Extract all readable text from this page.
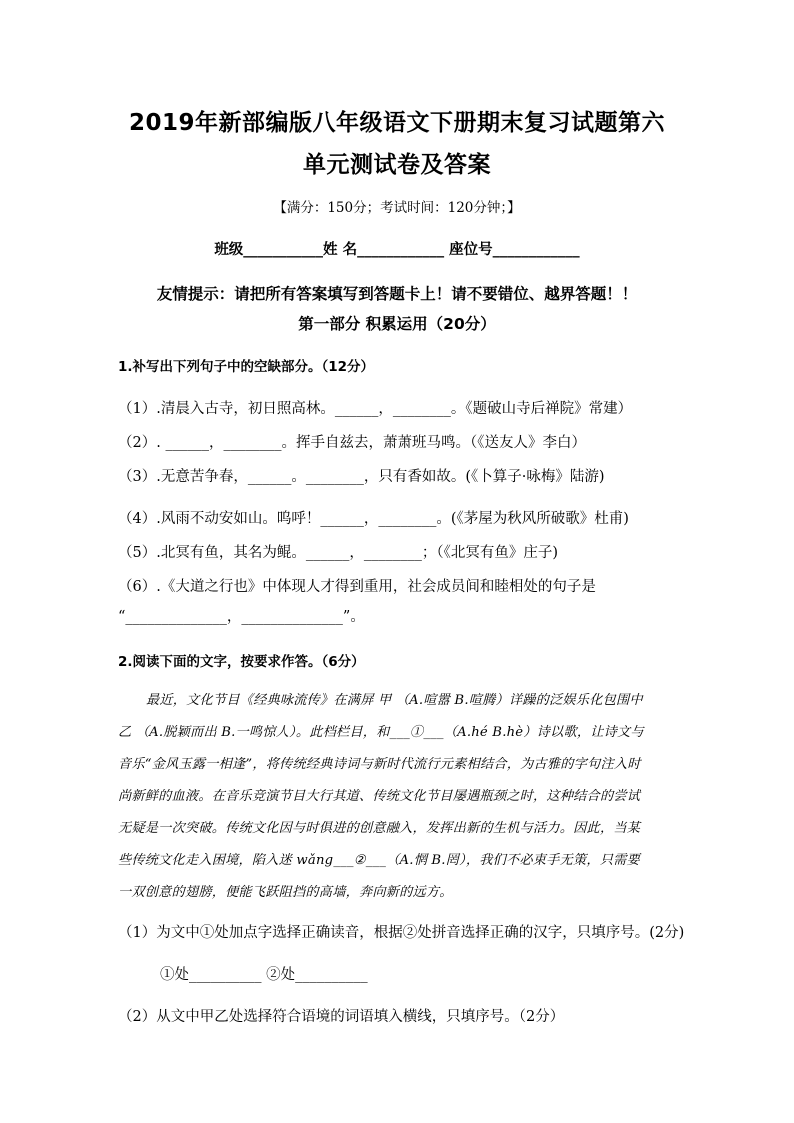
2019年新部编版八年级语文下册期末复习试题第六
单元测试卷及答案
【满分：150分；考试时间：120分钟；】
班级___________姓 名____________ 座位号____________
友情提示：请把所有答案填写到答题卡上！请不要错位、越界答题！！
第一部分 积累运用（20分）
1.补写出下列句子中的空缺部分。（12分）
（1）.清晨入古寺，初日照高林。______，________。《题破山寺后禅院》常建）
（2）. ______，________。挥手自兹去，萧萧班马鸣。（《送友人》李白）
（3）.无意苦争春，______。________，只有香如故。(《卜算子·咏梅》陆游)
（4）.风雨不动安如山。呜呼！______，________。(《茅屋为秋风所破歌》杜甫)
（5）.北冥有鱼，其名为鲲。______，________；（《北冥有鱼》庄子)
（6）.《大道之行也》中体现人才得到重用，社会成员间和睦相处的句子是
“______________，______________”。
2.阅读下面的文字，按要求作答。（6分）
最近，文化节目《经典咏流传》在满屏 甲 （A.喧嚣 B.喧腾）详躁的泛娱乐化包围中
乙 （A.脱颖而出 B.一鸣惊人）。此档栏目，和___①___（A.hé B.hè）诗以歌，让诗文与
音乐“金风玉露一相逢”，将传统经典诗词与新时代流行元素相结合，为古雅的字句注入时
尚新鲜的血液。在音乐竞演节目大行其道、传统文化节目屡遇瓶颈之时，这种结合的尝试
无疑是一次突破。传统文化因与时俱进的创意融入，发挥出新的生机与活力。因此，当某
些传统文化走入困境，陷入迷 wǎng___②___（A.惘 B.罔），我们不必束手无策，只需要
一双创意的翅膀，便能飞跃阻挡的高墙，奔向新的远方。
（1）为文中①处加点字选择正确读音，根据②处拼音选择正确的汉字，只填序号。(2分)
①处__________ ②处__________
（2）从文中甲乙处选择符合语境的词语填入横线，只填序号。（2分）
